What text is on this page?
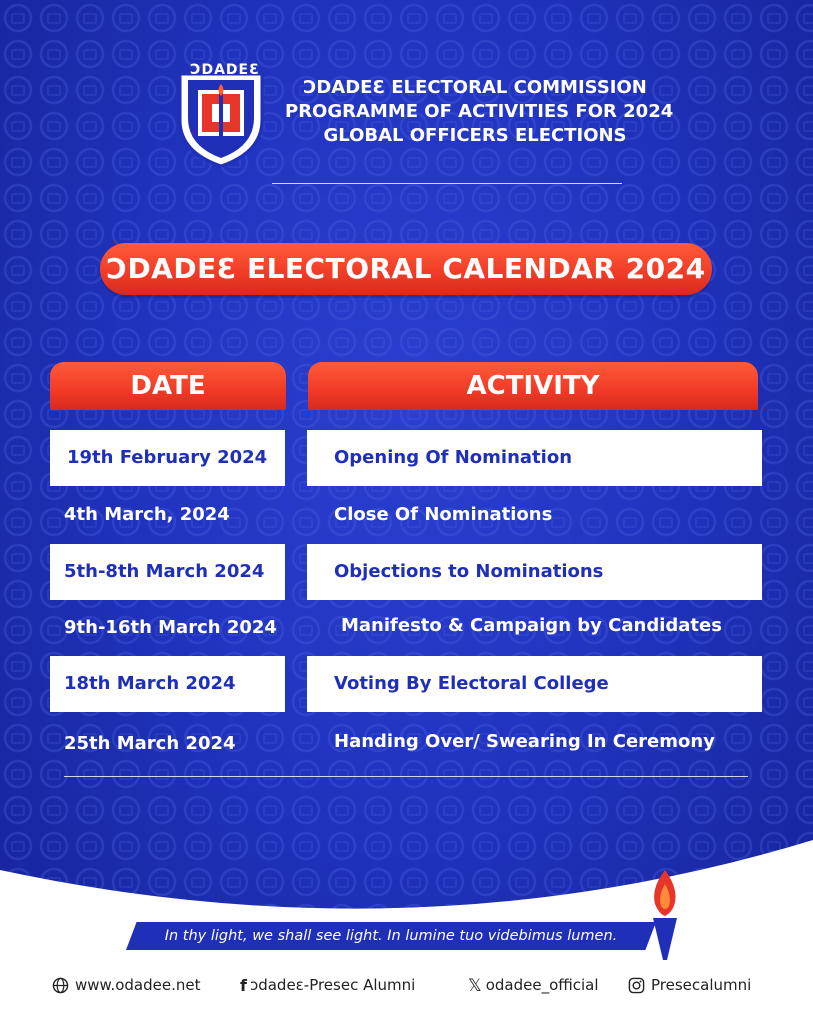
ƆDADEƐ
ƆDADEƐ ELECTORAL COMMISSION
PROGRAMME OF ACTIVITIES FOR 2024
GLOBAL OFFICERS ELECTIONS
ƆDADEƐ ELECTORAL CALENDAR 2024
DATE	ACTIVITY
19th February 2024	Opening Of Nomination
4th March, 2024	Close Of Nominations
5th-8th March 2024	Objections to Nominations
9th-16th March 2024	Manifesto & Campaign by Candidates
18th March 2024	Voting By Electoral College
25th March 2024	Handing Over/ Swearing In Ceremony
In thy light, we shall see light. In lumine tuo videbimus lumen.
www.odadee.net f ɔdadeɛ-Presec Alumni	𝕏 odadee_official	Presecalumni
